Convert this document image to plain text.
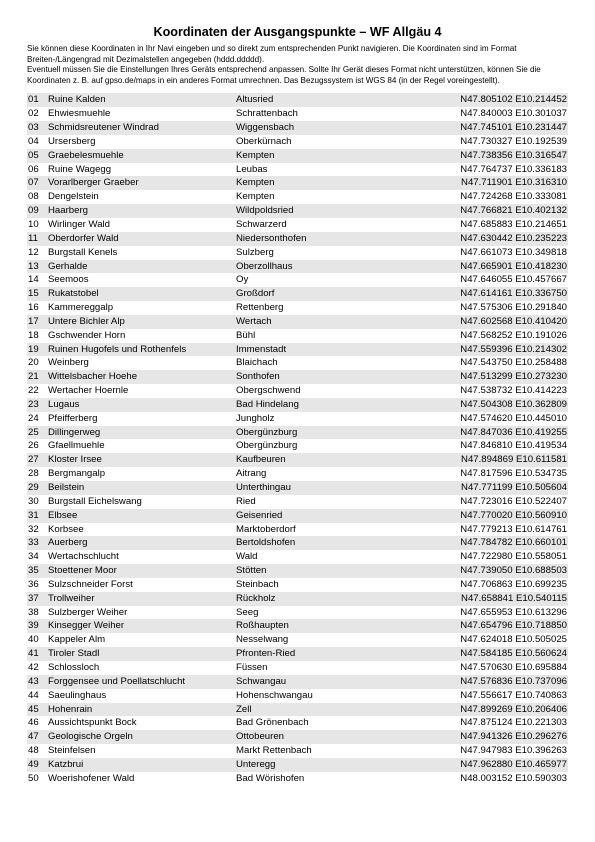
Koordinaten der Ausgangspunkte – WF Allgäu 4
Sie können diese Koordinaten in Ihr Navi eingeben und so direkt zum entsprechenden Punkt navigieren. Die Koordinaten sind im Format Breiten-/Längengrad mit Dezimalstellen angegeben (hddd.ddddd).
Eventuell müssen Sie die Einstellungen Ihres Geräts entsprechend anpassen. Sollte Ihr Gerät dieses Format nicht unterstützen, können Sie die Koordinaten z. B. auf gpso.de/maps in ein anderes Format umrechnen. Das Bezugssystem ist WGS 84 (in der Regel voreingestellt).
01	Ruine Kalden	Altusried	N47.805102 E10.214452
02	Ehwiesmuehle	Schrattenbach	N47.840003 E10.301037
03	Schmidsreutener Windrad	Wiggensbach	N47.745101 E10.231447
04	Ursersberg	Oberkürnach	N47.730327 E10.192539
05	Graebelesmuehle	Kempten	N47.738356 E10.316547
06	Ruine Wagegg	Leubas	N47.764737 E10.336183
07	Vorarlberger Graeber	Kempten	N47.711901 E10.316310
08	Dengelstein	Kempten	N47.724268 E10.333081
09	Haarberg	Wildpoldsried	N47.766821 E10.402132
10	Wirlinger Wald	Schwarzerd	N47.685883 E10.214651
11	Oberdorfer Wald	Niedersonthofen	N47.630442 E10.235223
12	Burgstall Kenels	Sulzberg	N47.661073 E10.349818
13	Gerhalde	Oberzollhaus	N47.665901 E10.418230
14	Seemoos	Oy	N47.646055 E10.457667
15	Rukatstobel	Großdorf	N47.614161 E10.336750
16	Kammereggalp	Rettenberg	N47.575306 E10.291840
17	Untere Bichler Alp	Wertach	N47.602568 E10.410420
18	Gschwender Horn	Bühl	N47.568252 E10.191026
19	Ruinen Hugofels und Rothenfels	Immenstadt	N47.559396 E10.214302
20	Weinberg	Blaichach	N47.543750 E10.258488
21	Wittelsbacher Hoehe	Sonthofen	N47.513299 E10.273230
22	Wertacher Hoernle	Obergschwend	N47.538732 E10.414223
23	Lugaus	Bad Hindelang	N47.504308 E10.362809
24	Pfeifferberg	Jungholz	N47.574620 E10.445010
25	Dillingerweg	Obergünzburg	N47.847036 E10.419255
26	Gfaellmuehle	Obergünzburg	N47.846810 E10.419534
27	Kloster Irsee	Kaufbeuren	N47.894869 E10.611581
28	Bergmangalp	Aitrang	N47.817596 E10.534735
29	Beilstein	Unterthingau	N47.771199 E10.505604
30	Burgstall Eichelswang	Ried	N47.723016 E10.522407
31	Elbsee	Geisenried	N47.770020 E10.560910
32	Korbsee	Marktoberdorf	N47.779213 E10.614761
33	Auerberg	Bertoldshofen	N47.784782 E10.660101
34	Wertachschlucht	Wald	N47.722980 E10.558051
35	Stoettener Moor	Stötten	N47.739050 E10.688503
36	Sulzschneider Forst	Steinbach	N47.706863 E10.699235
37	Trollweiher	Rückholz	N47.658841 E10.540115
38	Sulzberger Weiher	Seeg	N47.655953 E10.613296
39	Kinsegger Weiher	Roßhaupten	N47.654796 E10.718850
40	Kappeler Alm	Nesselwang	N47.624018 E10.505025
41	Tiroler Stadl	Pfronten-Ried	N47.584185 E10.560624
42	Schlossloch	Füssen	N47.570630 E10.695884
43	Forggensee und Poellatschlucht	Schwangau	N47.576836 E10.737096
44	Saeulinghaus	Hohenschwangau	N47.556617 E10.740863
45	Hohenrain	Zell	N47.899269 E10.206406
46	Aussichtspunkt Bock	Bad Grönenbach	N47.875124 E10.221303
47	Geologische Orgeln	Ottobeuren	N47.941326 E10.296276
48	Steinfelsen	Markt Rettenbach	N47.947983 E10.396263
49	Katzbrui	Unteregg	N47.962880 E10.465977
50	Woerishofener Wald	Bad Wörishofen	N48.003152 E10.590303
